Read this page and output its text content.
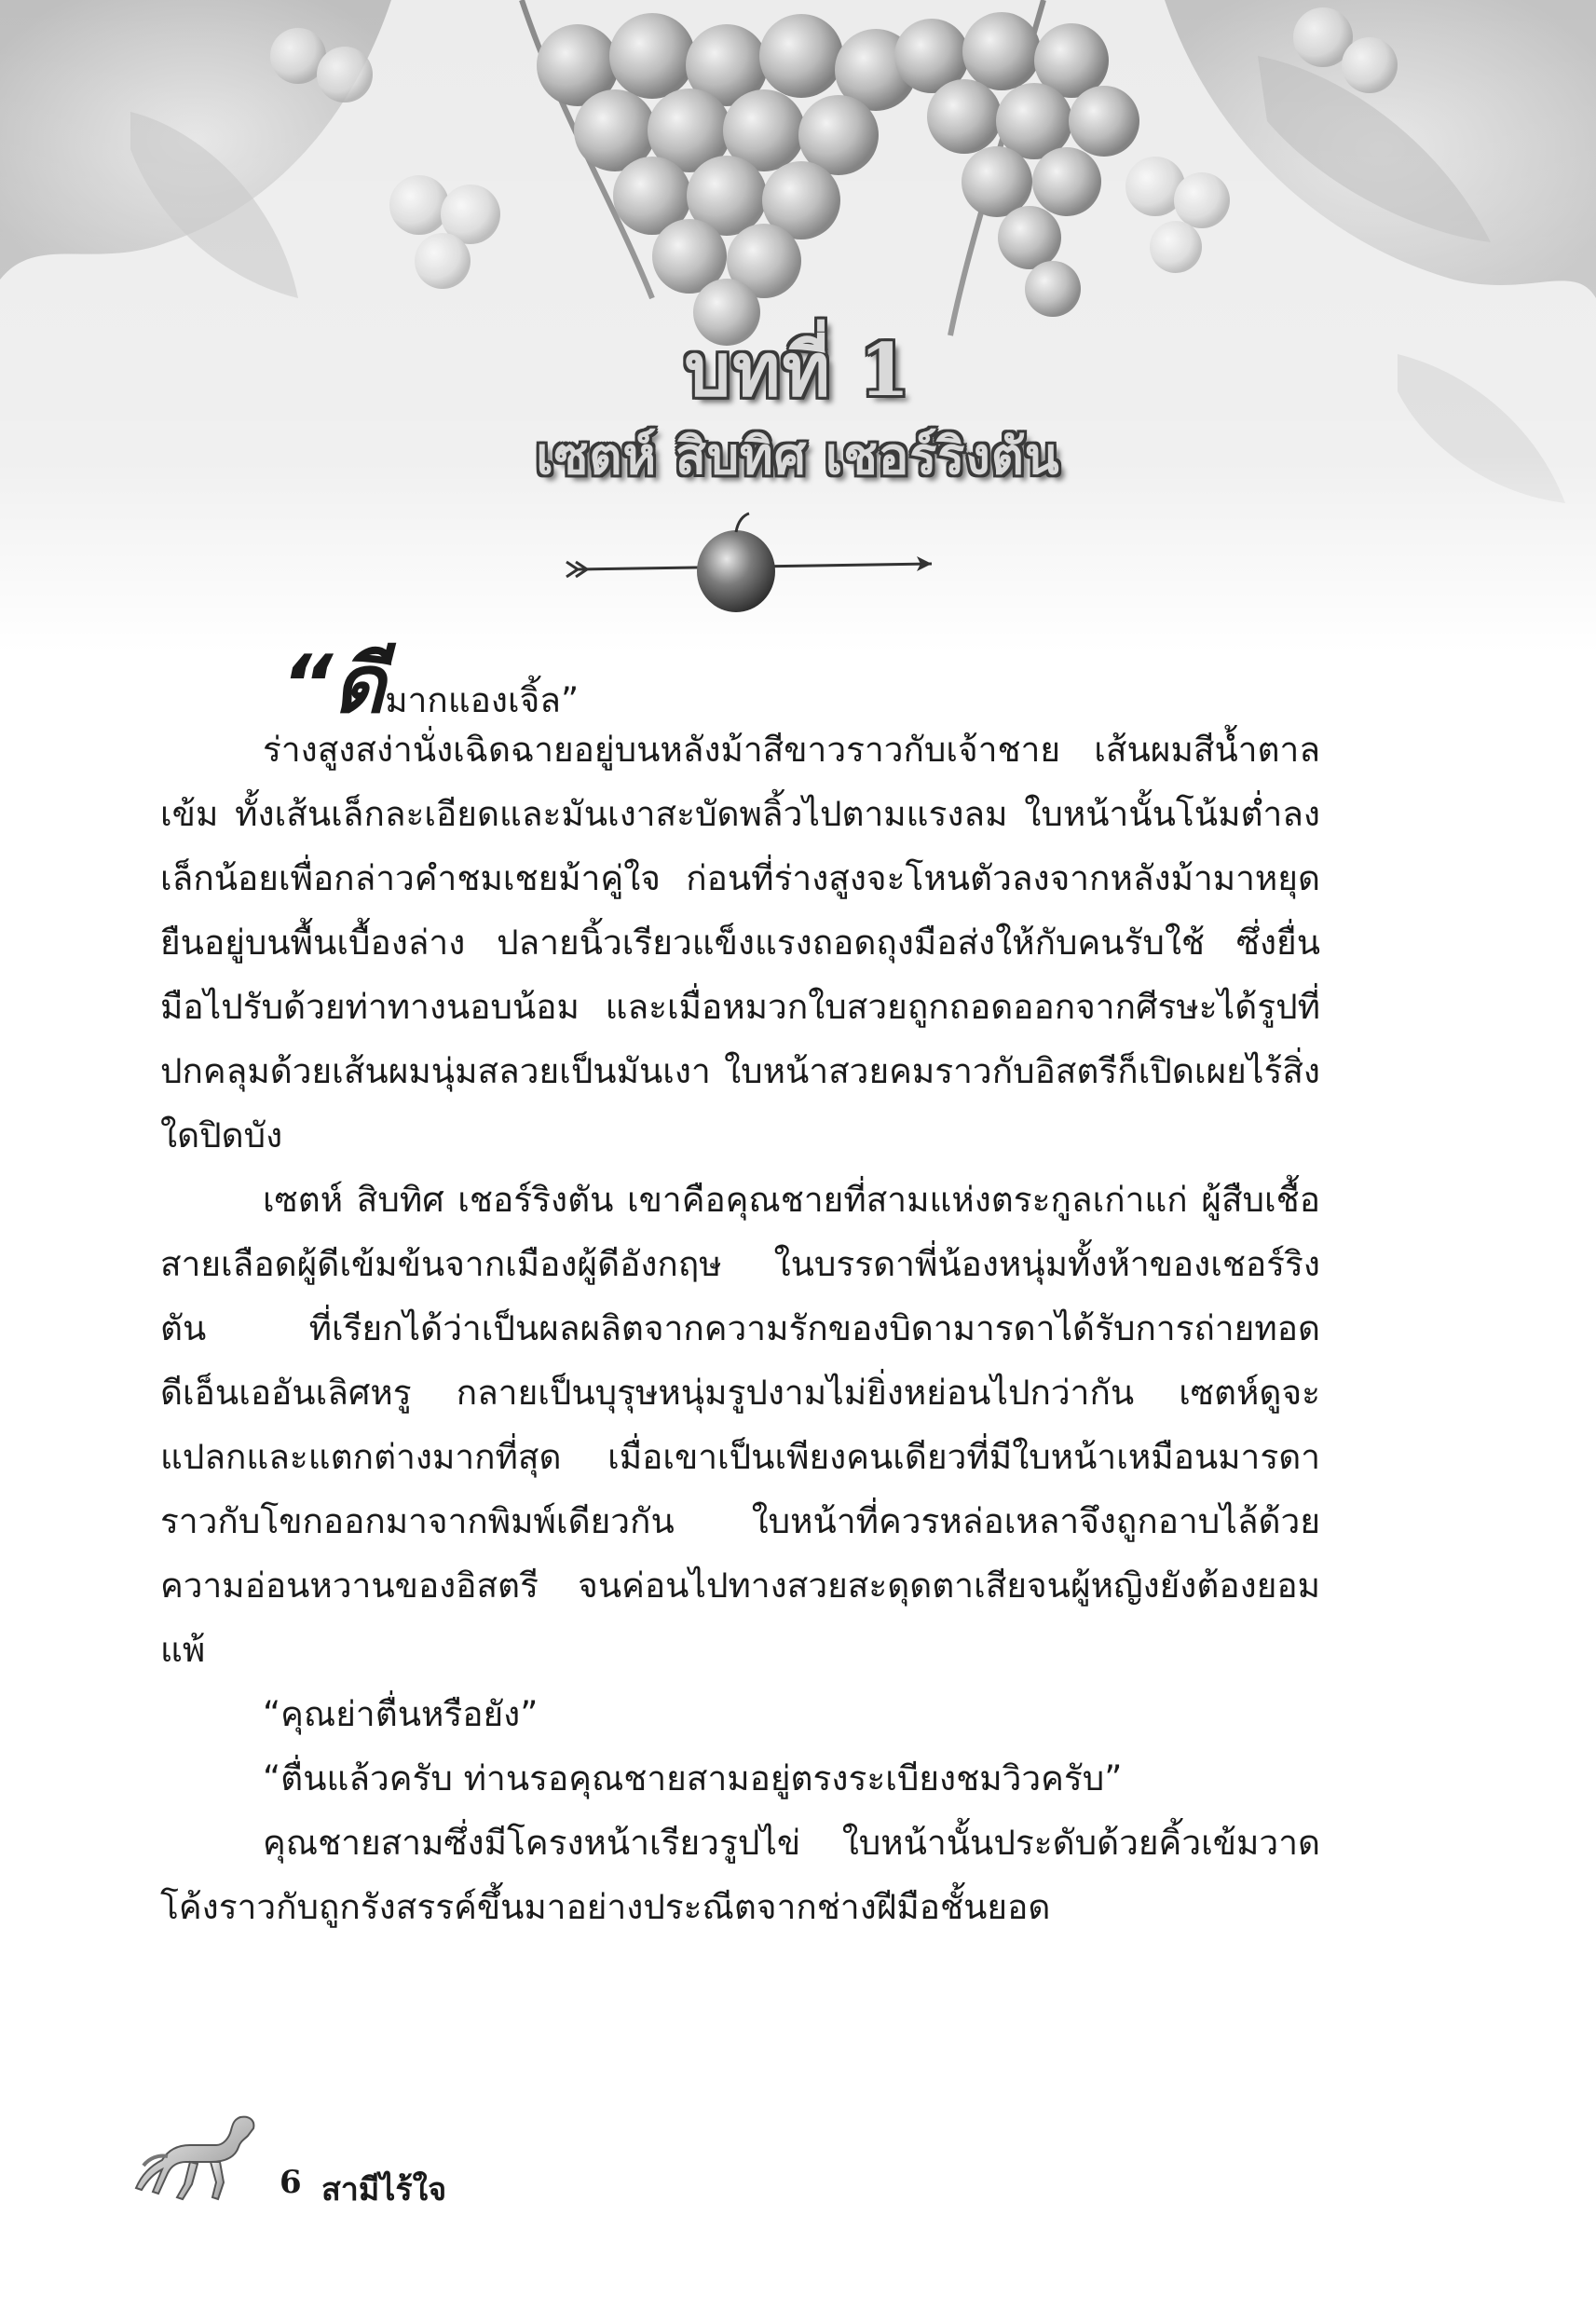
บทที่ 1
เซตห์ สิบทิศ เชอร์ริงตัน

“ดีมากแองเจิ้ล”

ร่างสูงสง่านั่งเฉิดฉายอยู่บนหลังม้าสีขาวราวกับเจ้าชาย เส้นผมสีน้ำตาลเข้ม ทั้งเส้นเล็กละเอียดและมันเงาสะบัดพลิ้วไปตามแรงลม ใบหน้านั้นโน้มต่ำลงเล็กน้อยเพื่อกล่าวคำชมเชยม้าคู่ใจ ก่อนที่ร่างสูงจะโหนตัวลงจากหลังม้ามาหยุดยืนอยู่บนพื้นเบื้องล่าง ปลายนิ้วเรียวแข็งแรงถอดถุงมือส่งให้กับคนรับใช้ ซึ่งยื่นมือไปรับด้วยท่าทางนอบน้อม และเมื่อหมวกใบสวยถูกถอดออกจากศีรษะได้รูปที่ปกคลุมด้วยเส้นผมนุ่มสลวยเป็นมันเงา ใบหน้าสวยคมราวกับอิสตรีก็เปิดเผยไร้สิ่งใดปิดบัง

เซตห์ สิบทิศ เชอร์ริงตัน เขาคือคุณชายที่สามแห่งตระกูลเก่าแก่ ผู้สืบเชื้อสายเลือดผู้ดีเข้มข้นจากเมืองผู้ดีอังกฤษ ในบรรดาพี่น้องหนุ่มทั้งห้าของเชอร์ริงตัน ที่เรียกได้ว่าเป็นผลผลิตจากความรักของบิดามารดาได้รับการถ่ายทอดดีเอ็นเออันเลิศหรู กลายเป็นบุรุษหนุ่มรูปงามไม่ยิ่งหย่อนไปกว่ากัน เซตห์ดูจะแปลกและแตกต่างมากที่สุด เมื่อเขาเป็นเพียงคนเดียวที่มีใบหน้าเหมือนมารดาราวกับโขกออกมาจากพิมพ์เดียวกัน ใบหน้าที่ควรหล่อเหลาจึงถูกอาบไล้ด้วยความอ่อนหวานของอิสตรี จนค่อนไปทางสวยสะดุดตาเสียจนผู้หญิงยังต้องยอมแพ้

“คุณย่าตื่นหรือยัง”

“ตื่นแล้วครับ ท่านรอคุณชายสามอยู่ตรงระเบียงชมวิวครับ”

คุณชายสามซึ่งมีโครงหน้าเรียวรูปไข่ ใบหน้านั้นประดับด้วยคิ้วเข้มวาดโค้งราวกับถูกรังสรรค์ขึ้นมาอย่างประณีตจากช่างฝีมือชั้นยอด

6 สามีไร้ใจ
